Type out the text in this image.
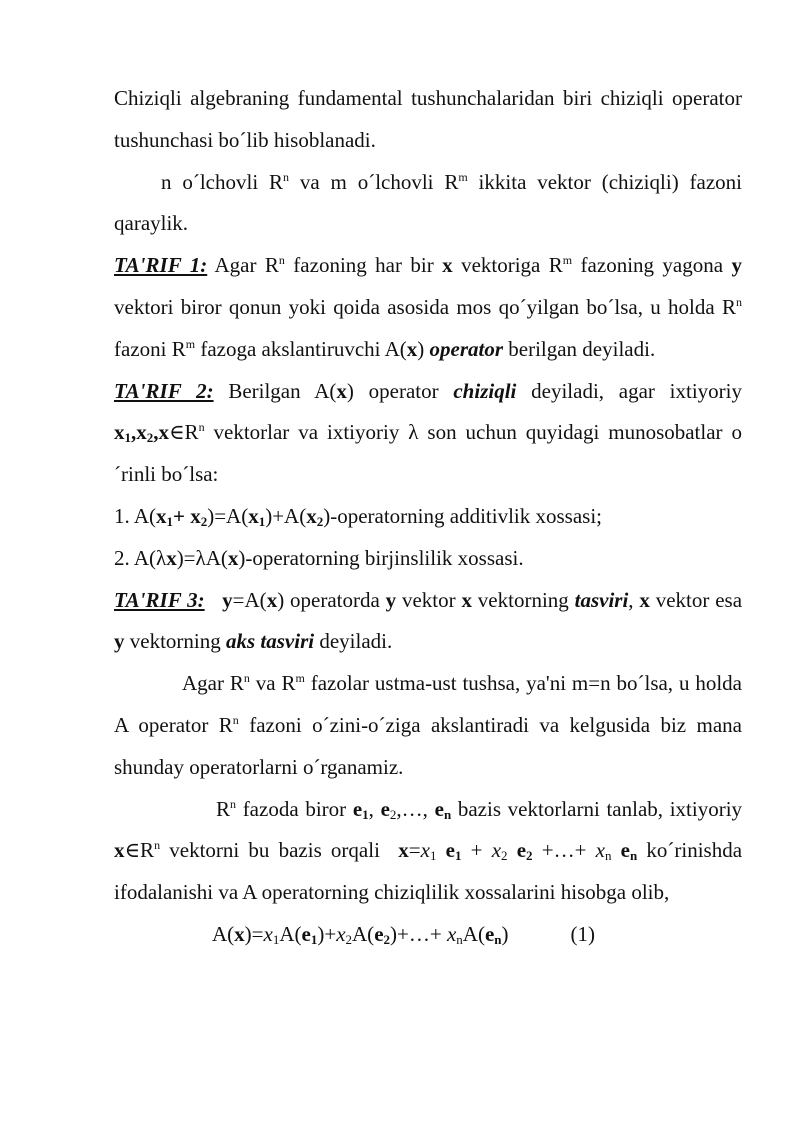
Chiziqli algebraning fundamental tushunchalaridan biri chiziqli operator tushunchasi bo´lib hisoblanadi.

n o´lchovli $R^n$ va m o´lchovli $R^m$ ikkita vektor (chiziqli) fazoni qaraylik.

TA'RIF 1: Agar $R^n$ fazoning har bir x vektoriga $R^m$ fazoning yagona y vektori biror qonun yoki qoida asosida mos qo´yilgan bo´lsa, u holda $R^n$ fazoni $R^m$ fazoga akslantiruvchi A(x) operator berilgan deyiladi.

TA'RIF 2: Berilgan A(x) operator chiziqli deyiladi, agar ixtiyoriy $x_1,x_2,x\in R^n$ vektorlar va ixtiyoriy λ son uchun quyidagi munosobatlar o´rinli bo´lsa:

1. $A(x_1+$ $x_2)=A(x_1)+A(x_2)$-operatorning additivlik xossasi;

2. A(λx)=λA(x)-operatorning birjinslilik xossasi.

TA'RIF 3: y=A(x) operatorda y vektor x vektorning tasviri, x vektor esa y vektorning aks tasviri deyiladi.

Agar $R^n$ va $R^m$ fazolar ustma-ust tushsa, ya'ni m=n bo´lsa, u holda A operator $R^n$ fazoni o´zini-o´ziga akslantiradi va kelgusida biz mana shunday operatorlarni o´rganamiz.

$R^n$ fazoda biror $e_1$, $e_2,\dots$, $e_n$ bazis vektorlarni tanlab, ixtiyoriy $x\in R^n$ vektorni bu bazis orqali  $x=x_1$ $e_1 + x_2$ $e_2$ +…+ $x_n$ $e_n$ ko´rinishda ifodalanishi va A operatorning chiziqlilik xossalarini hisobga olib,

$A(x)=x_1A(e_1)+x_2A(e_2)+\dots+ x_nA(e_n)$	(1)
